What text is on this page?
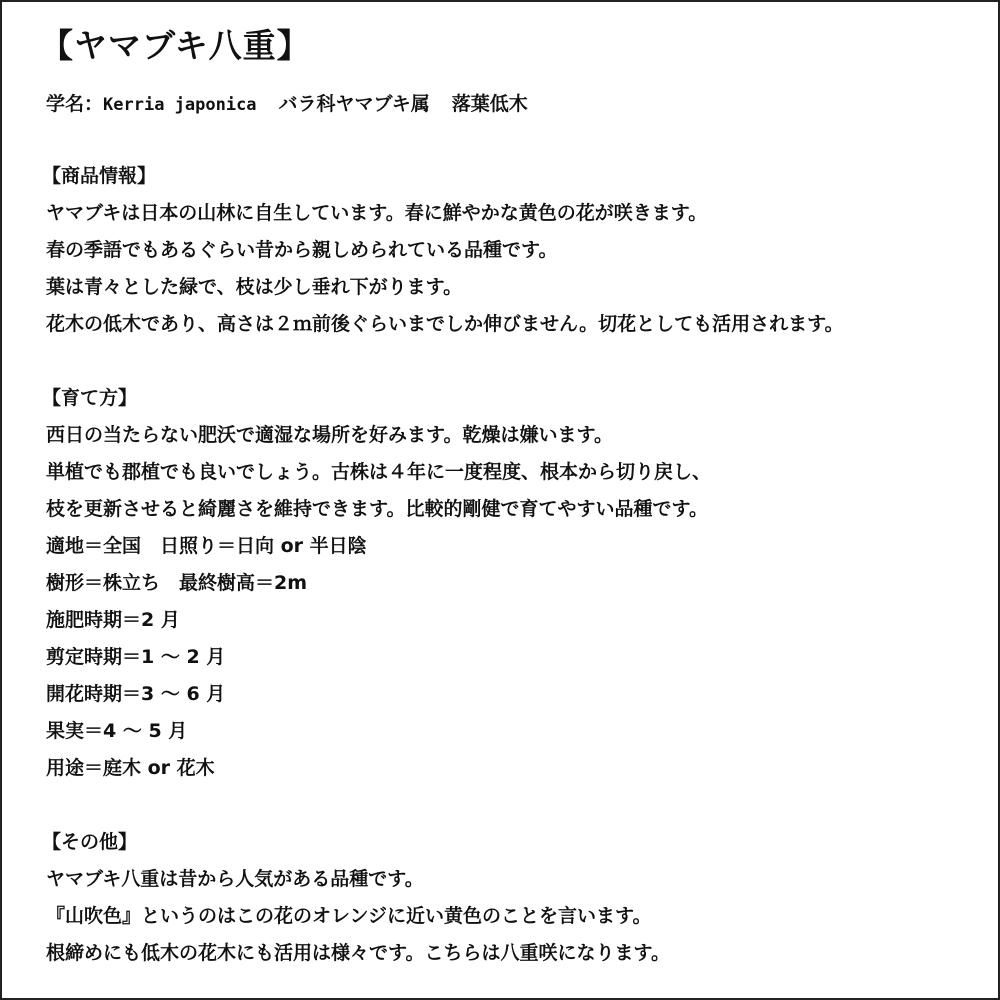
【ヤマブキ八重】
学名：Kerria japonica バラ科ヤマブキ属 落葉低木
【商品情報】
ヤマブキは日本の山林に自生しています。春に鮮やかな黄色の花が咲きます。
春の季語でもあるぐらい昔から親しめられている品種です。
葉は青々とした緑で、枝は少し垂れ下がります。
花木の低木であり、高さは２ｍ前後ぐらいまでしか伸びません。切花としても活用されます。
【育て方】
西日の当たらない肥沃で適湿な場所を好みます。乾燥は嫌います。
単植でも郡植でも良いでしょう。古株は４年に一度程度、根本から切り戻し、
枝を更新させると綺麗さを維持できます。比較的剛健で育てやすい品種です。
適地＝全国　日照り＝日向 or 半日陰
樹形＝株立ち　最終樹高＝2m
施肥時期＝2 月
剪定時期＝1 ～ 2 月
開花時期＝3 ～ 6 月
果実＝4 ～ 5 月
用途＝庭木 or 花木
【その他】
ヤマブキ八重は昔から人気がある品種です。
『山吹色』というのはこの花のオレンジに近い黄色のことを言います。
根締めにも低木の花木にも活用は様々です。こちらは八重咲になります。
